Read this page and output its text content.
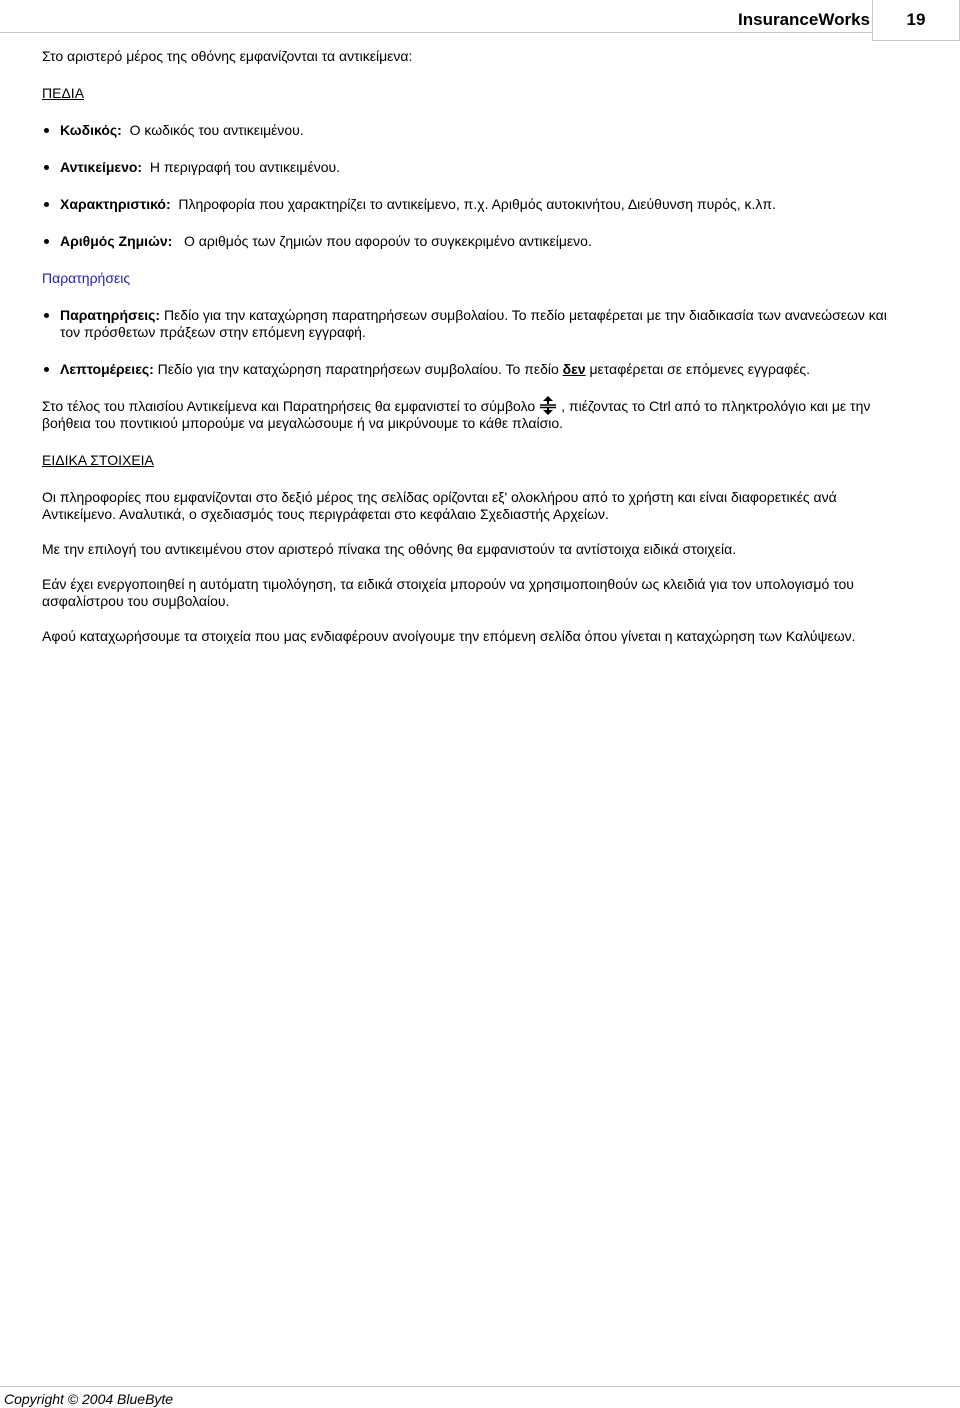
InsuranceWorks	19

Στο αριστερό μέρος της οθόνης εμφανίζονται τα αντικείμενα:

ΠΕΔΙΑ

Κωδικός: Ο κωδικός του αντικειμένου.
Αντικείμενο: Η περιγραφή του αντικειμένου.
Χαρακτηριστικό: Πληροφορία που χαρακτηρίζει το αντικείμενο, π.χ. Αριθμός αυτοκινήτου, Διεύθυνση πυρός, κ.λπ.
Αριθμός Ζημιών: Ο αριθμός των ζημιών που αφορούν το συγκεκριμένο αντικείμενο.

Παρατηρήσεις

Παρατηρήσεις: Πεδίο για την καταχώρηση παρατηρήσεων συμβολαίου. Το πεδίο μεταφέρεται με την διαδικασία των ανανεώσεων και τον πρόσθετων πράξεων στην επόμενη εγγραφή.
Λεπτομέρειες: Πεδίο για την καταχώρηση παρατηρήσεων συμβολαίου. Το πεδίο δεν μεταφέρεται σε επόμενες εγγραφές.

Στο τέλος του πλαισίου Αντικείμενα και Παρατηρήσεις θα εμφανιστεί το σύμβολο , πιέζοντας το Ctrl από το πληκτρολόγιο και με την βοήθεια του ποντικιού μπορούμε να μεγαλώσουμε ή να μικρύνουμε το κάθε πλαίσιο.

ΕΙΔΙΚΑ ΣΤΟΙΧΕΙΑ

Οι πληροφορίες που εμφανίζονται στο δεξιό μέρος της σελίδας ορίζονται εξ' ολοκλήρου από το χρήστη και είναι διαφορετικές ανά Αντικείμενο. Αναλυτικά, ο σχεδιασμός τους περιγράφεται στο κεφάλαιο Σχεδιαστής Αρχείων.

Με την επιλογή του αντικειμένου στον αριστερό πίνακα της οθόνης θα εμφανιστούν τα αντίστοιχα ειδικά στοιχεία.

Εάν έχει ενεργοποιηθεί η αυτόματη τιμολόγηση, τα ειδικά στοιχεία μπορούν να χρησιμοποιηθούν ως κλειδιά για τον υπολογισμό του ασφαλίστρου του συμβολαίου.

Αφού καταχωρήσουμε τα στοιχεία που μας ενδιαφέρουν ανοίγουμε την επόμενη σελίδα όπου γίνεται η καταχώρηση των Καλύψεων.

Copyright © 2004 BlueByte
